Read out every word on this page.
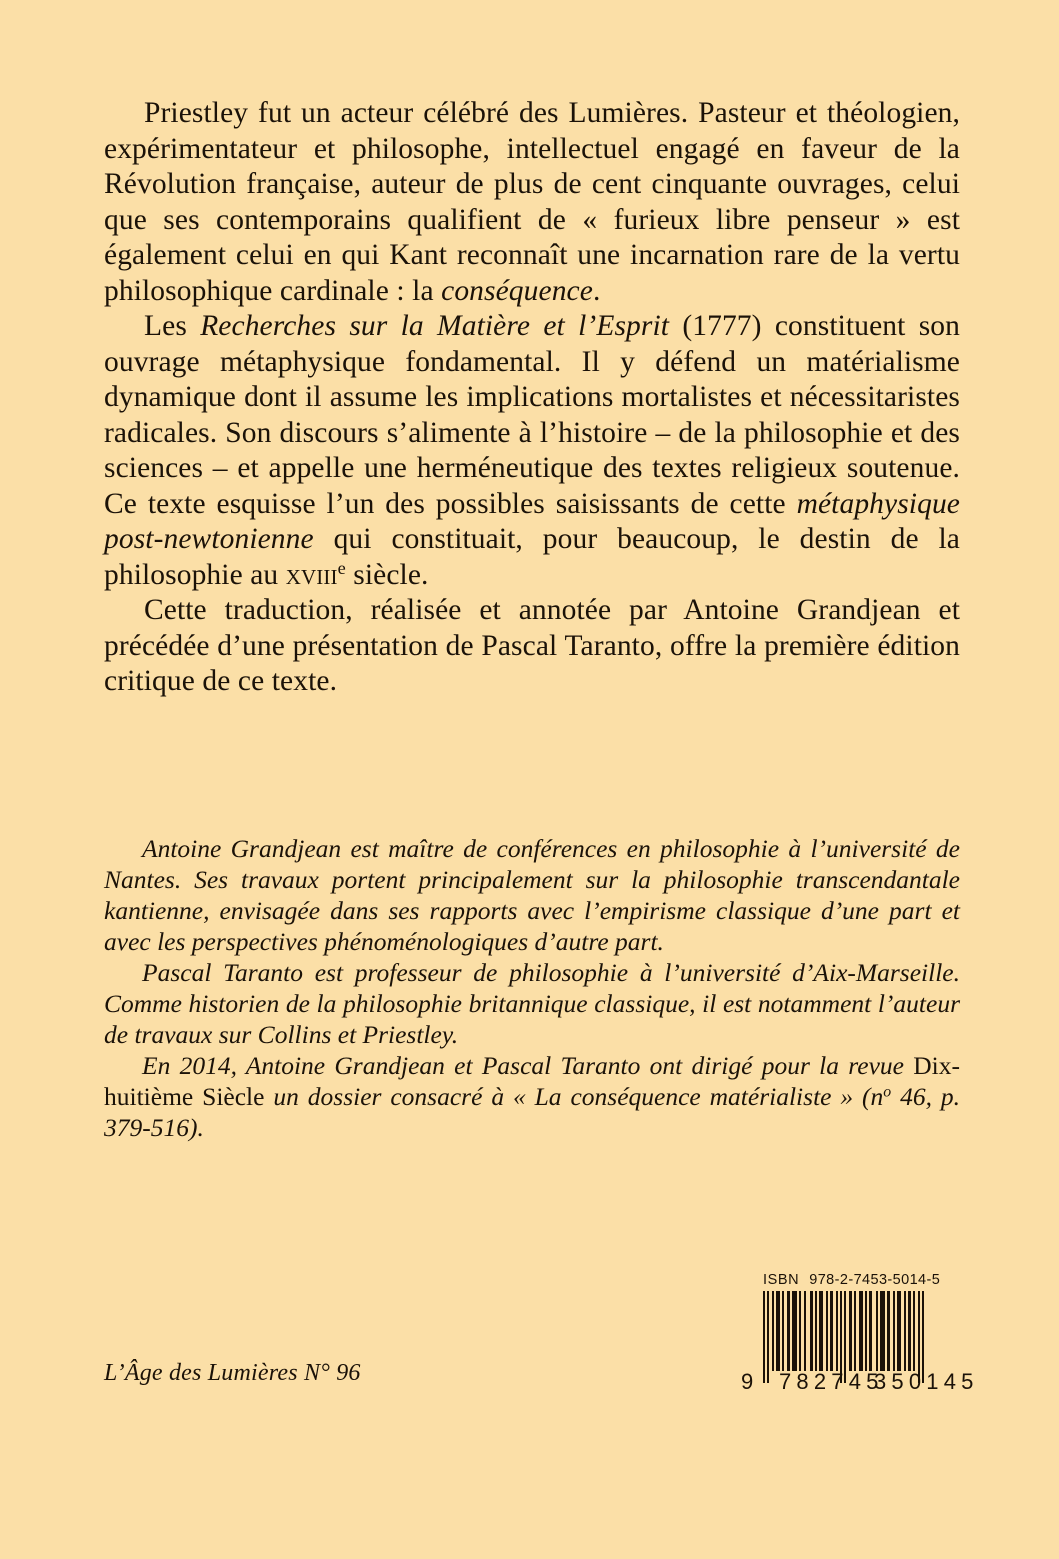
Priestley fut un acteur célébré des Lumières. Pasteur et théologien, expérimentateur et philosophe, intellectuel engagé en faveur de la Révolution française, auteur de plus de cent cinquante ouvrages, celui que ses contemporains qualifient de « furieux libre penseur » est également celui en qui Kant reconnaît une incarnation rare de la vertu philosophique cardinale : la conséquence.

Les Recherches sur la Matière et l’Esprit (1777) constituent son ouvrage métaphysique fondamental. Il y défend un matérialisme dynamique dont il assume les implications mortalistes et nécessitaristes radicales. Son discours s’alimente à l’histoire – de la philosophie et des sciences – et appelle une herméneutique des textes religieux soutenue. Ce texte esquisse l’un des possibles saisissants de cette métaphysique post-newtonienne qui constituait, pour beaucoup, le destin de la philosophie au xviii$^e$ siècle.

Cette traduction, réalisée et annotée par Antoine Grandjean et précédée d’une présentation de Pascal Taranto, offre la première édition critique de ce texte.

Antoine Grandjean est maître de conférences en philosophie à l’université de Nantes. Ses travaux portent principalement sur la philosophie transcendantale kantienne, envisagée dans ses rapports avec l’empirisme classique d’une part et avec les perspectives phénoménologiques d’autre part.

Pascal Taranto est professeur de philosophie à l’université d’Aix-Marseille. Comme historien de la philosophie britannique classique, il est notamment l’auteur de travaux sur Collins et Priestley.

En 2014, Antoine Grandjean et Pascal Taranto ont dirigé pour la revue Dix-huitième Siècle un dossier consacré à « La conséquence matérialiste » ($n^o$ 46, p. 379-516).

L’Âge des Lumières N° 96
ISBN 978-2-7453-5014-5
9 782745
350145
